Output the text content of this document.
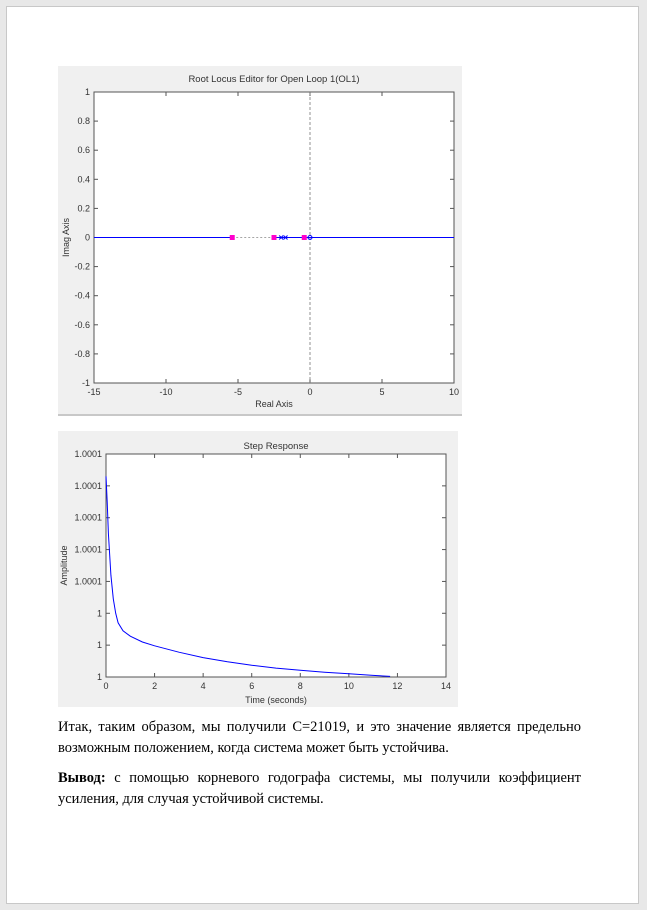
Root Locus Editor for Open Loop 1(OL1)
Real Axis
Imag Axis
-15	-10	-5	0	5	10
1
0.8
0.6
0.4
0.2
0
-0.2
-0.4
-0.6
-0.8
-1
Step Response
Time (seconds)
Amplitude
0	2	4	6	8	10	12	14
1.0001
1.0001
1.0001
1.0001
1.0001
1
1
1
Итак, таким образом, мы получили С=21019, и это значение является предельно возможным положением, когда система может быть устойчива.
Вывод: с помощью корневого годографа системы, мы получили коэффициент усиления, для случая устойчивой системы.
